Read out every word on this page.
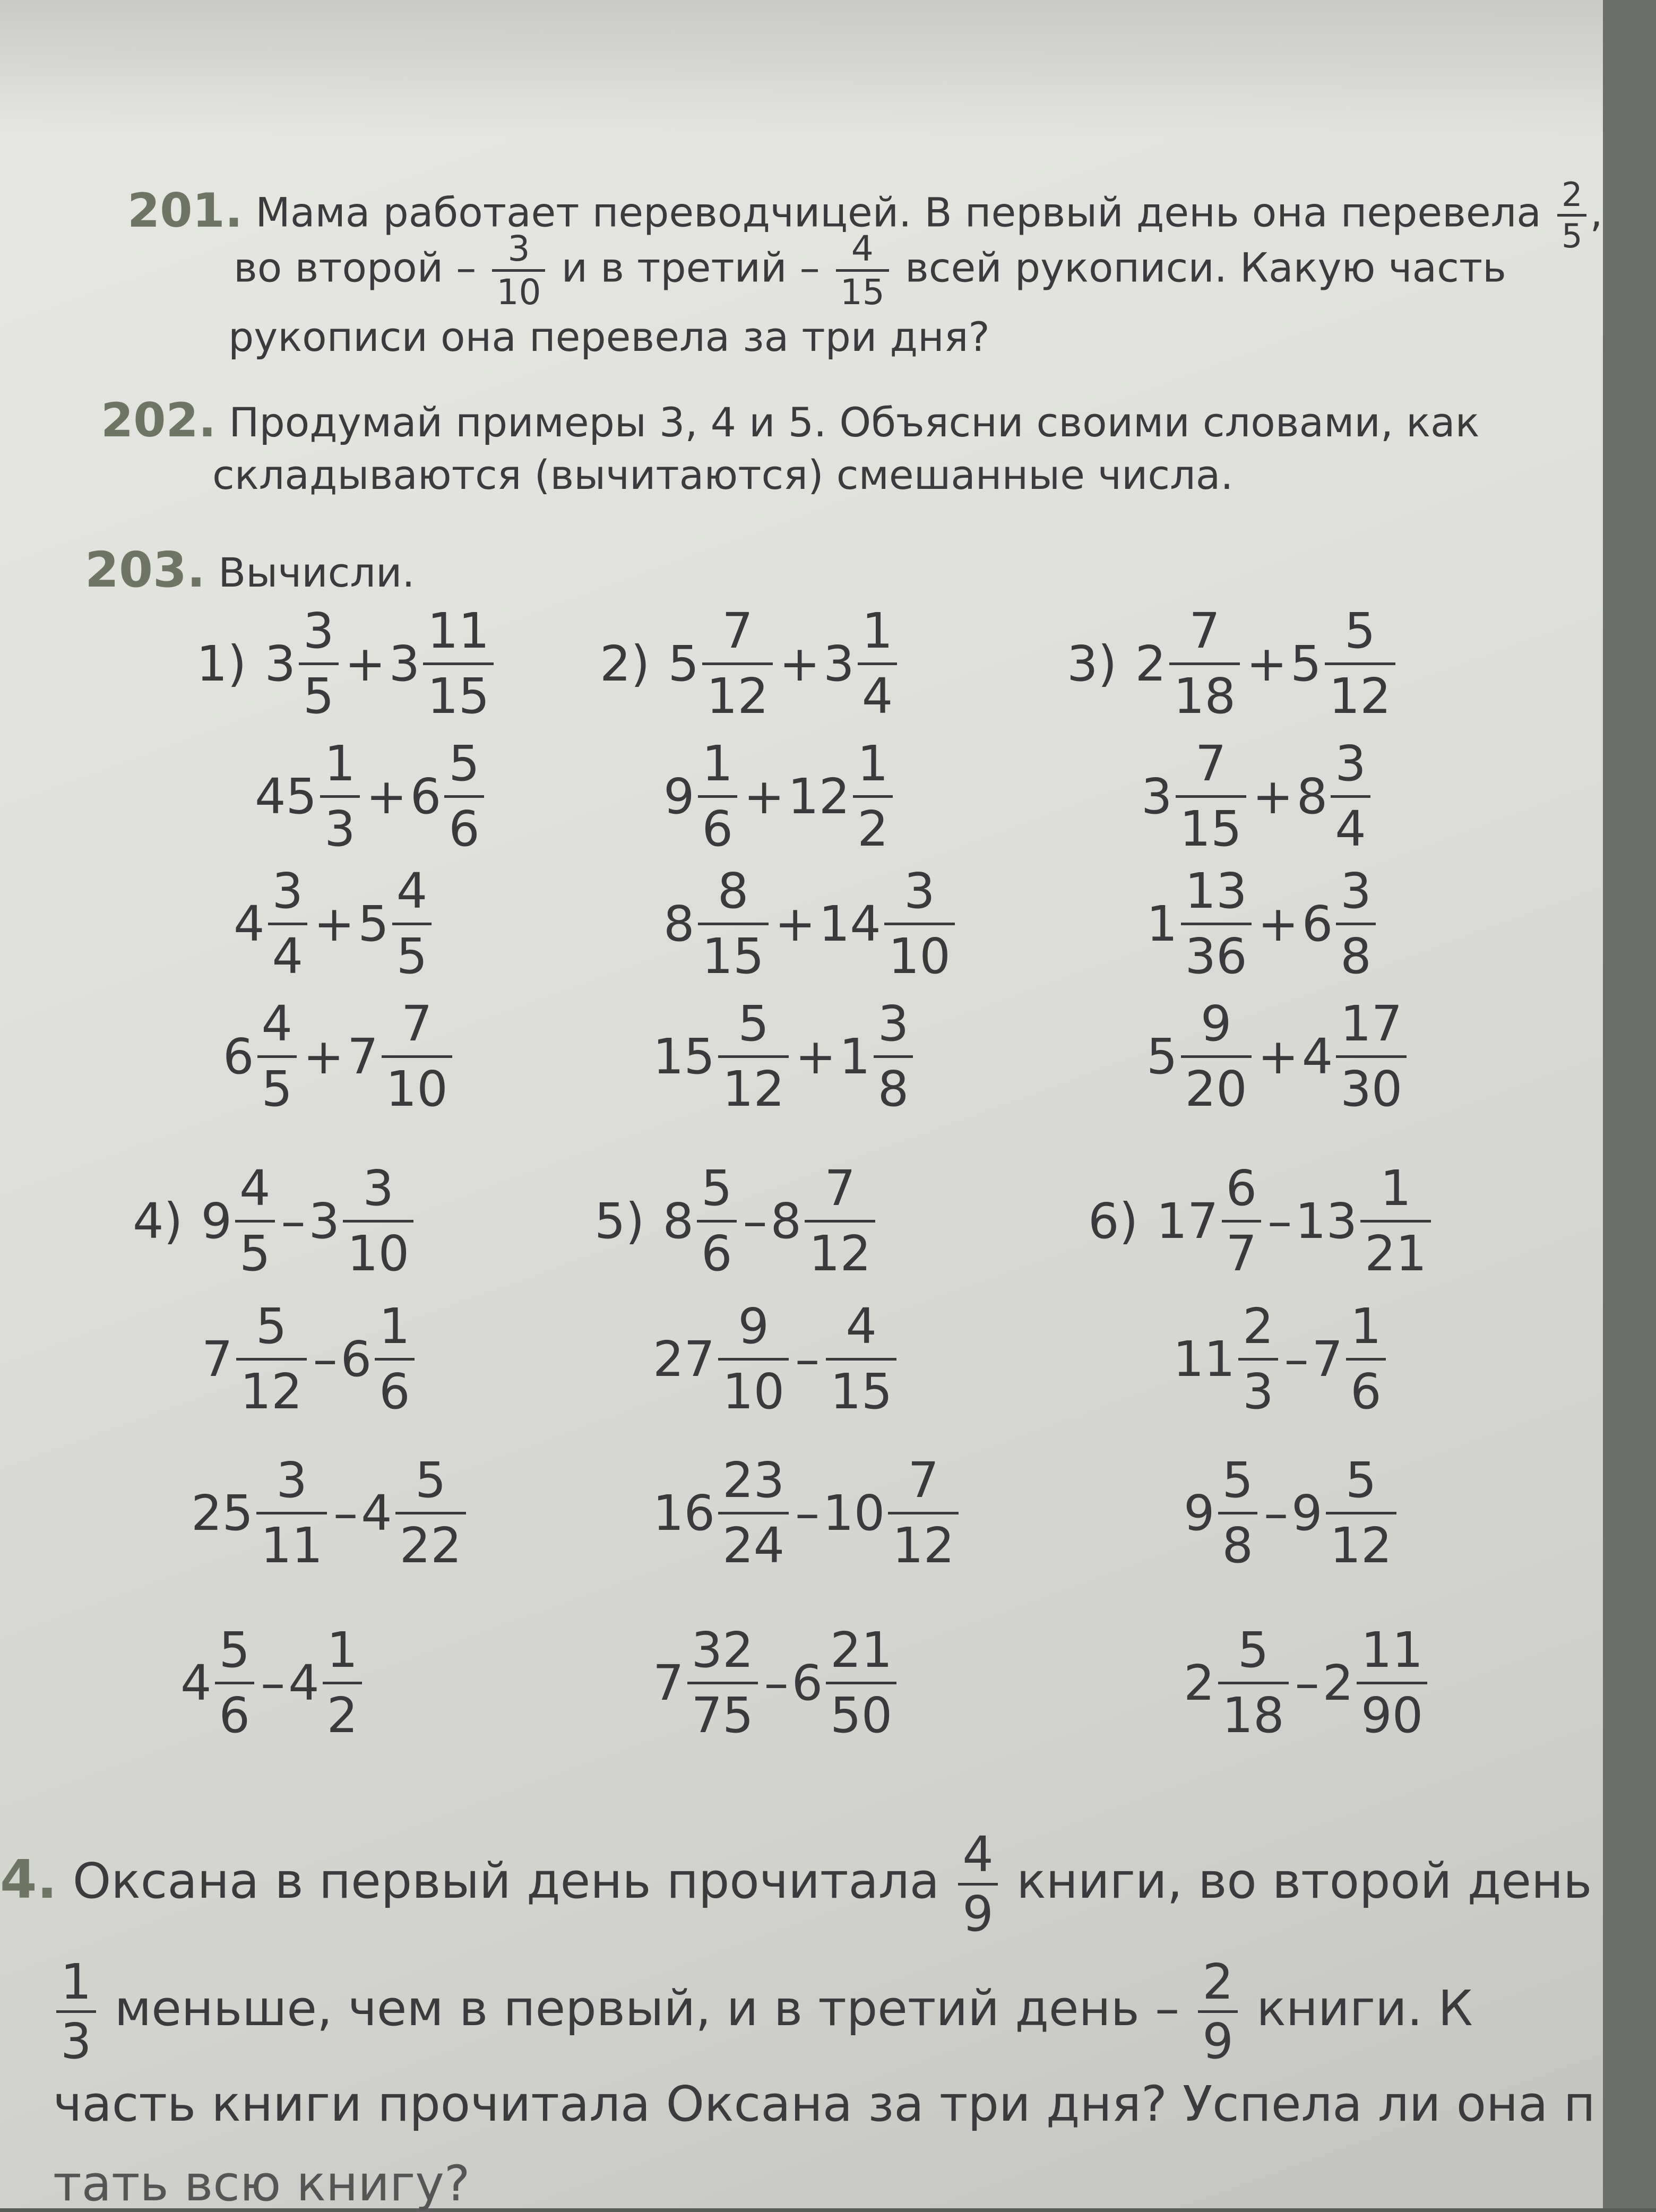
201. Мама работает переводчицей. В первый день она перевела $\frac{2}{5}$ ,
во второй – $\frac{3}{10}$ и в третий – $\frac{4}{15}$ всей рукописи. Какую часть
рукописи она перевела за три дня?
202. Продумай примеры 3, 4 и 5. Объясни своими словами, как
складываются (вычитаются) смешанные числа.
203. Вычисли.
1) $3 \frac{3}{5} + 3 \frac{11}{15}$
$45 \frac{1}{3} + 6 \frac{5}{6}$
$4 \frac{3}{4} + 5 \frac{4}{5}$
$6 \frac{4}{5} + 7 \frac{7}{10}$
2) $5 \frac{7}{12} + 3 \frac{1}{4}$
$9 \frac{1}{6} + 12 \frac{1}{2}$
$8 \frac{8}{15} + 14 \frac{3}{10}$
$15 \frac{5}{12} + 1 \frac{3}{8}$
3) $2 \frac{7}{18} + 5 \frac{5}{12}$
$3 \frac{7}{15} + 8 \frac{3}{4}$
$1 \frac{13}{36} + 6 \frac{3}{8}$
$5 \frac{9}{20} + 4 \frac{17}{30}$
4) $9 \frac{4}{5} - 3 \frac{3}{10}$
$7 \frac{5}{12} - 6 \frac{1}{6}$
$25 \frac{3}{11} - 4 \frac{5}{22}$
$4 \frac{5}{6} - 4 \frac{1}{2}$
5) $8 \frac{5}{6} - 8 \frac{7}{12}$
$27 \frac{9}{10} - \frac{4}{15}$
$16 \frac{23}{24} - 10 \frac{7}{12}$
$7 \frac{32}{75} - 6 \frac{21}{50}$
6) $17 \frac{6}{7} - 13 \frac{1}{21}$
$11 \frac{2}{3} - 7 \frac{1}{6}$
$9 \frac{5}{8} - 9 \frac{5}{12}$
$2 \frac{5}{18} - 2 \frac{11}{90}$
4. Оксана в первый день прочитала $\frac{4}{9}$ книги, во второй день
$\frac{1}{3}$ меньше, чем в первый, и в третий день – $\frac{2}{9}$ книги. К
часть книги прочитала Оксана за три дня? Успела ли она п
тать всю книгу?
